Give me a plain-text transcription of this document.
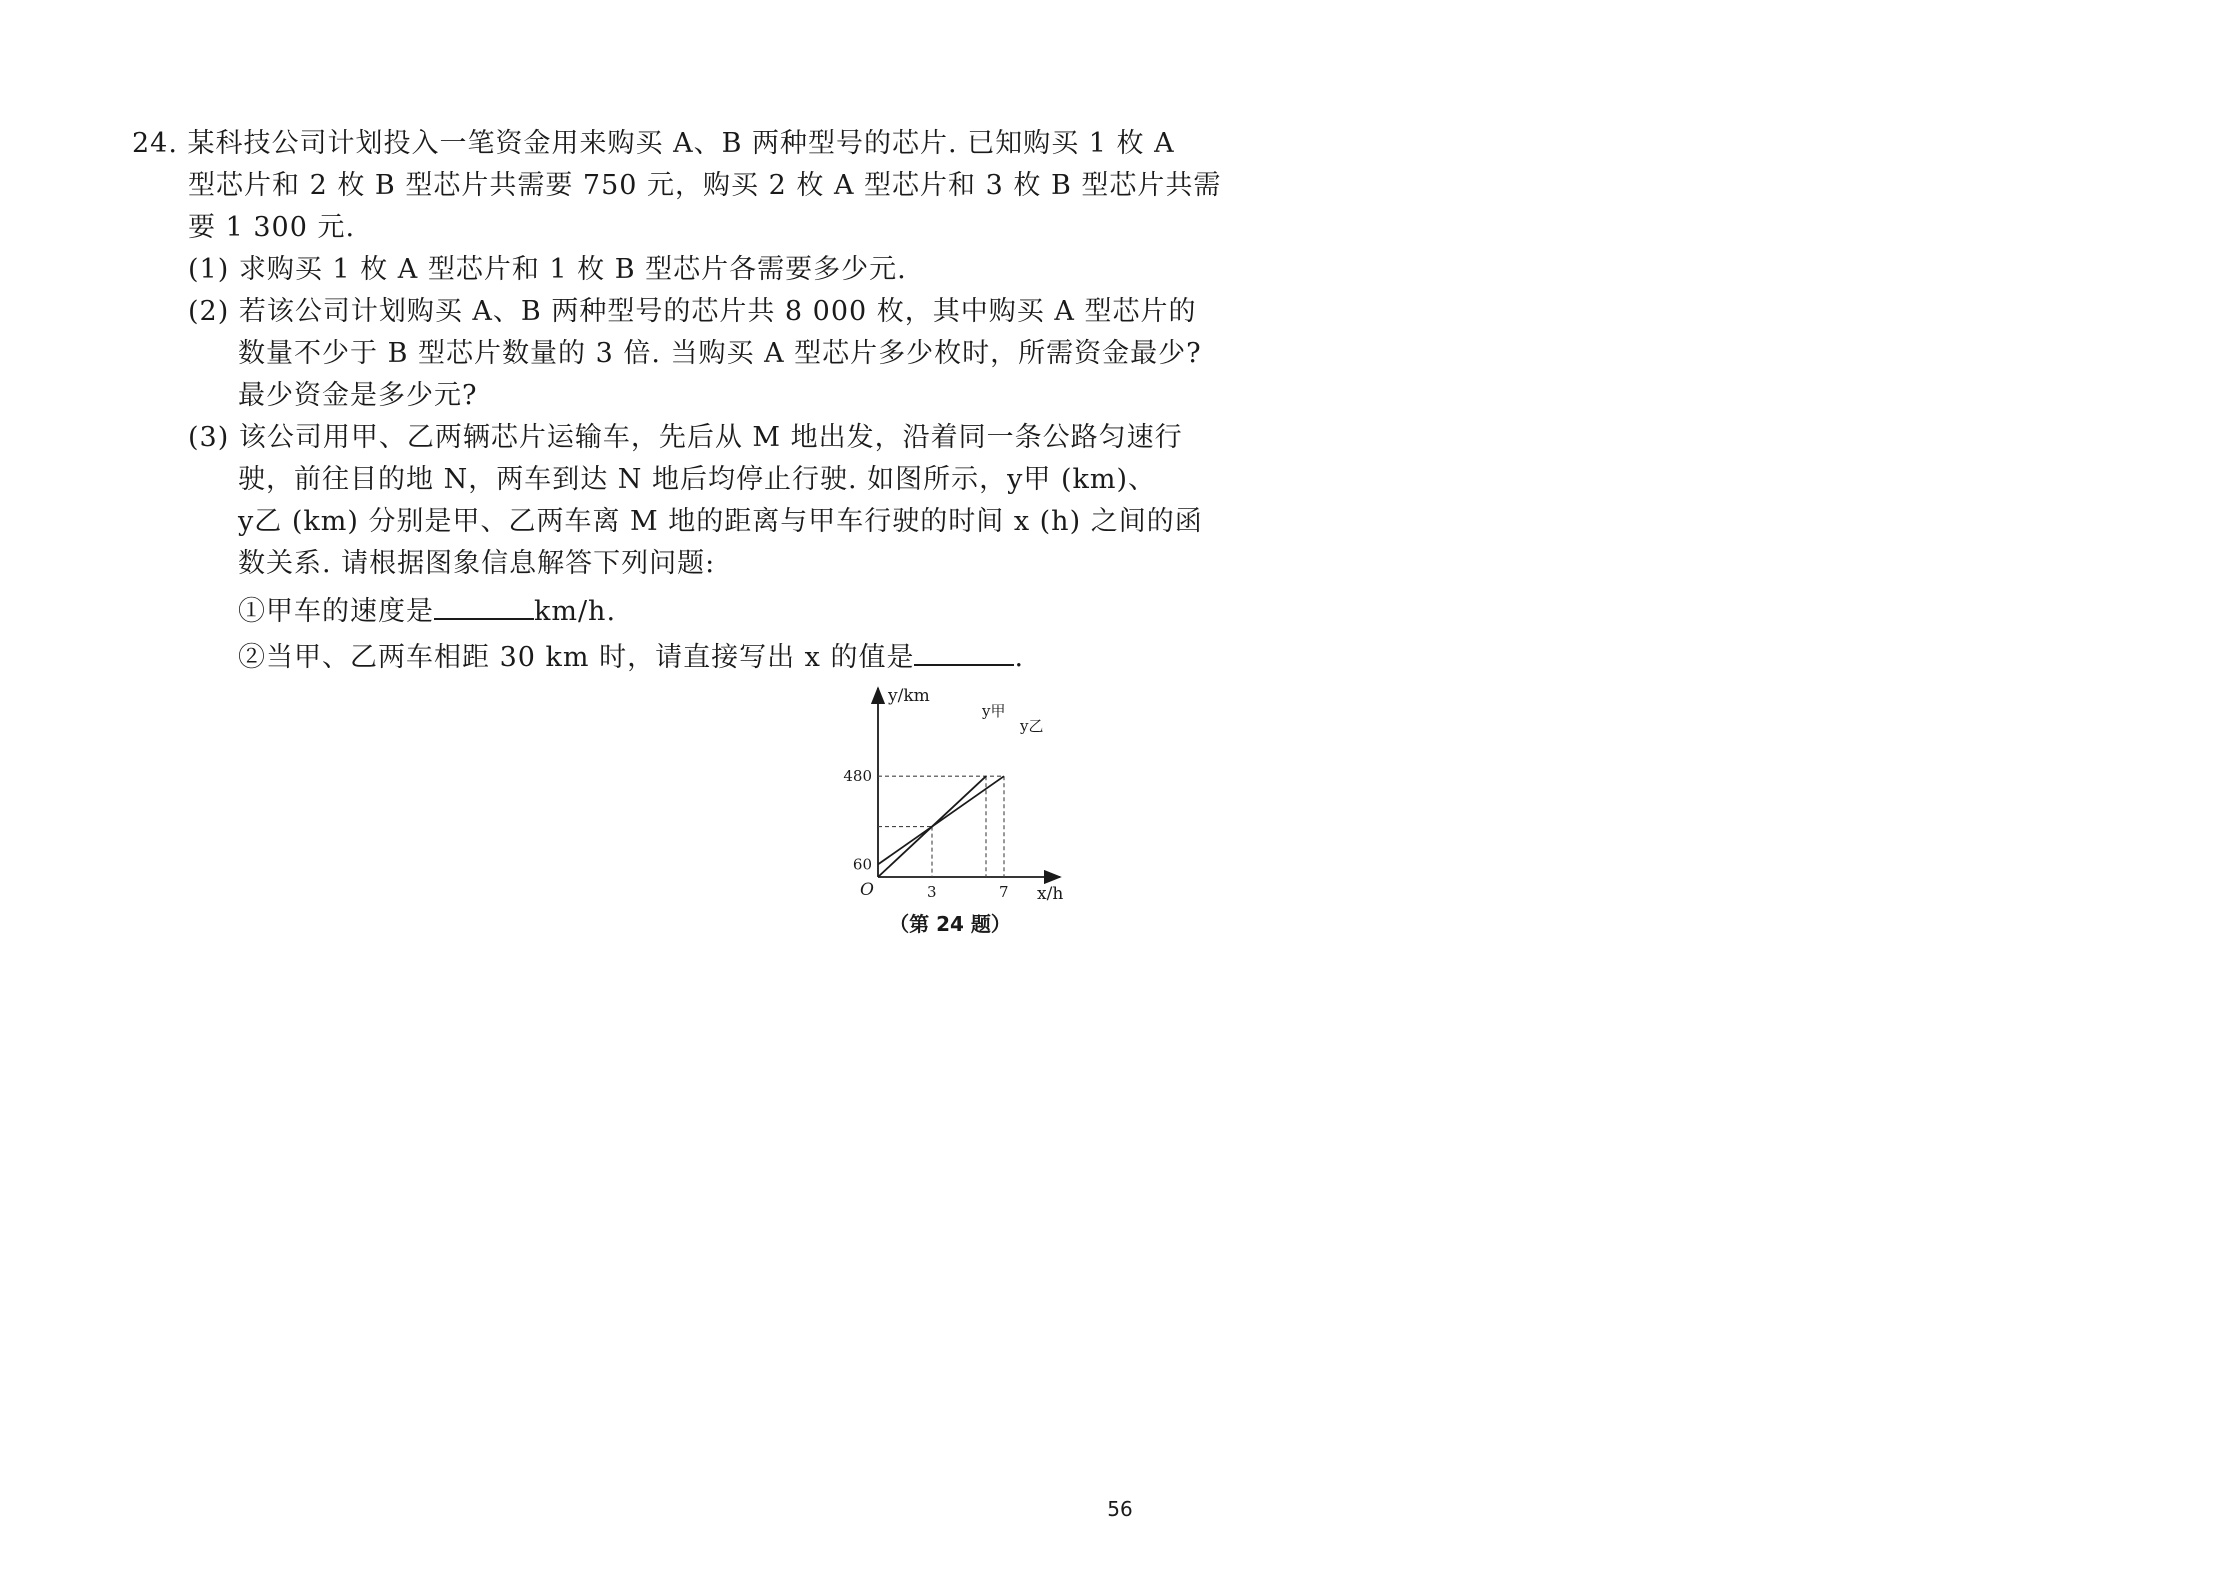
24. 某科技公司计划投入一笔资金用来购买 A、B 两种型号的芯片. 已知购买 1 枚 A
型芯片和 2 枚 B 型芯片共需要 750 元，购买 2 枚 A 型芯片和 3 枚 B 型芯片共需
要 1 300 元.
(1) 求购买 1 枚 A 型芯片和 1 枚 B 型芯片各需要多少元.
(2) 若该公司计划购买 A、B 两种型号的芯片共 8 000 枚，其中购买 A 型芯片的
数量不少于 B 型芯片数量的 3 倍. 当购买 A 型芯片多少枚时，所需资金最少?
最少资金是多少元?
(3) 该公司用甲、乙两辆芯片运输车，先后从 M 地出发，沿着同一条公路匀速行
驶，前往目的地 N，两车到达 N 地后均停止行驶. 如图所示，y甲 (km)、
y乙 (km) 分别是甲、乙两车离 M 地的距离与甲车行驶的时间 x (h) 之间的函
数关系. 请根据图象信息解答下列问题:
①甲车的速度是	km/h.
②当甲、乙两车相距 30 km 时，请直接写出 x 的值是	.
3	7
60
480
y/km
x/h
O
y甲
y乙
（第 24 题）
56
